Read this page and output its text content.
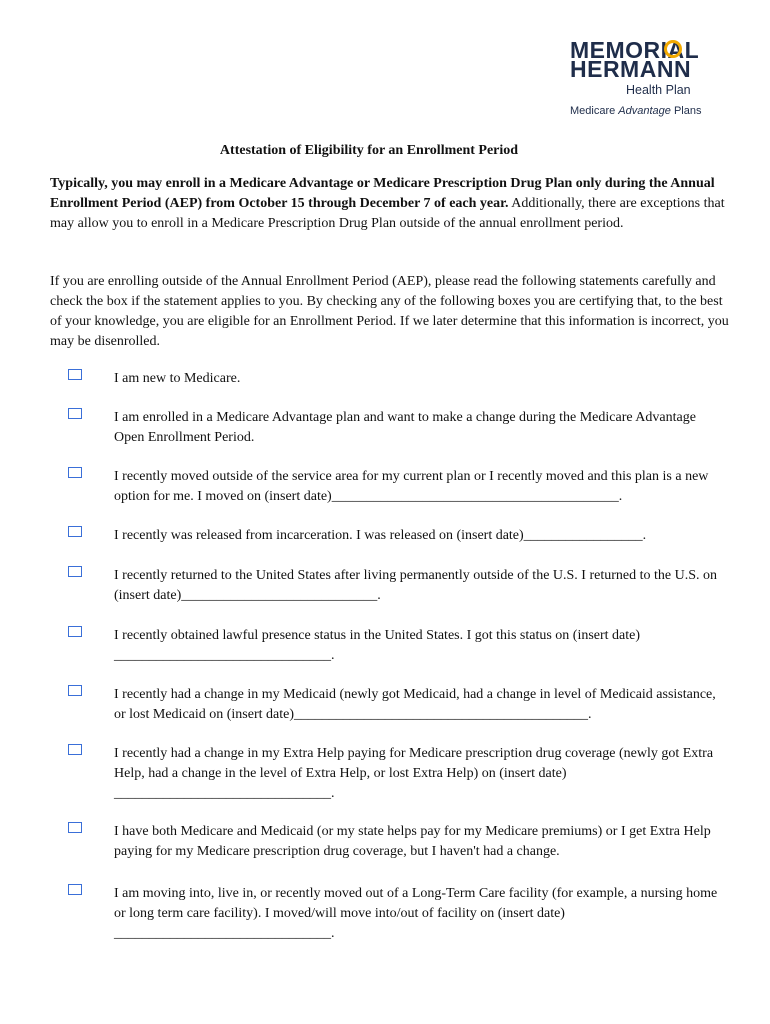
MEMORIAL
HERMANN
Health Plan
Medicare Advantage Plans
Attestation of Eligibility for an Enrollment Period

Typically, you may enroll in a Medicare Advantage or Medicare Prescription Drug Plan only during the Annual Enrollment Period (AEP) from October 15 through December 7 of each year. Additionally, there are exceptions that may allow you to enroll in a Medicare Prescription Drug Plan outside of the annual enrollment period.

If you are enrolling outside of the Annual Enrollment Period (AEP), please read the following statements carefully and check the box if the statement applies to you. By checking any of the following boxes you are certifying that, to the best of your knowledge, you are eligible for an Enrollment Period. If we later determine that this information is incorrect, you may be disenrolled.

I am new to Medicare.

I am enrolled in a Medicare Advantage plan and want to make a change during the Medicare Advantage Open Enrollment Period.

I recently moved outside of the service area for my current plan or I recently moved and this plan is a new option for me. I moved on (insert date)_________________________________________.

I recently was released from incarceration. I was released on (insert date)_________________.

I recently returned to the United States after living permanently outside of the U.S. I returned to the U.S. on (insert date)____________________________.

I recently obtained lawful presence status in the United States. I got this status on (insert date) _______________________________.

I recently had a change in my Medicaid (newly got Medicaid, had a change in level of Medicaid assistance, or lost Medicaid on (insert date)__________________________________________.

I recently had a change in my Extra Help paying for Medicare prescription drug coverage (newly got Extra Help, had a change in the level of Extra Help, or lost Extra Help) on (insert date) _______________________________.

I have both Medicare and Medicaid (or my state helps pay for my Medicare premiums) or I get Extra Help paying for my Medicare prescription drug coverage, but I haven't had a change.

I am moving into, live in, or recently moved out of a Long-Term Care facility (for example, a nursing home or long term care facility). I moved/will move into/out of facility on (insert date) _______________________________.
